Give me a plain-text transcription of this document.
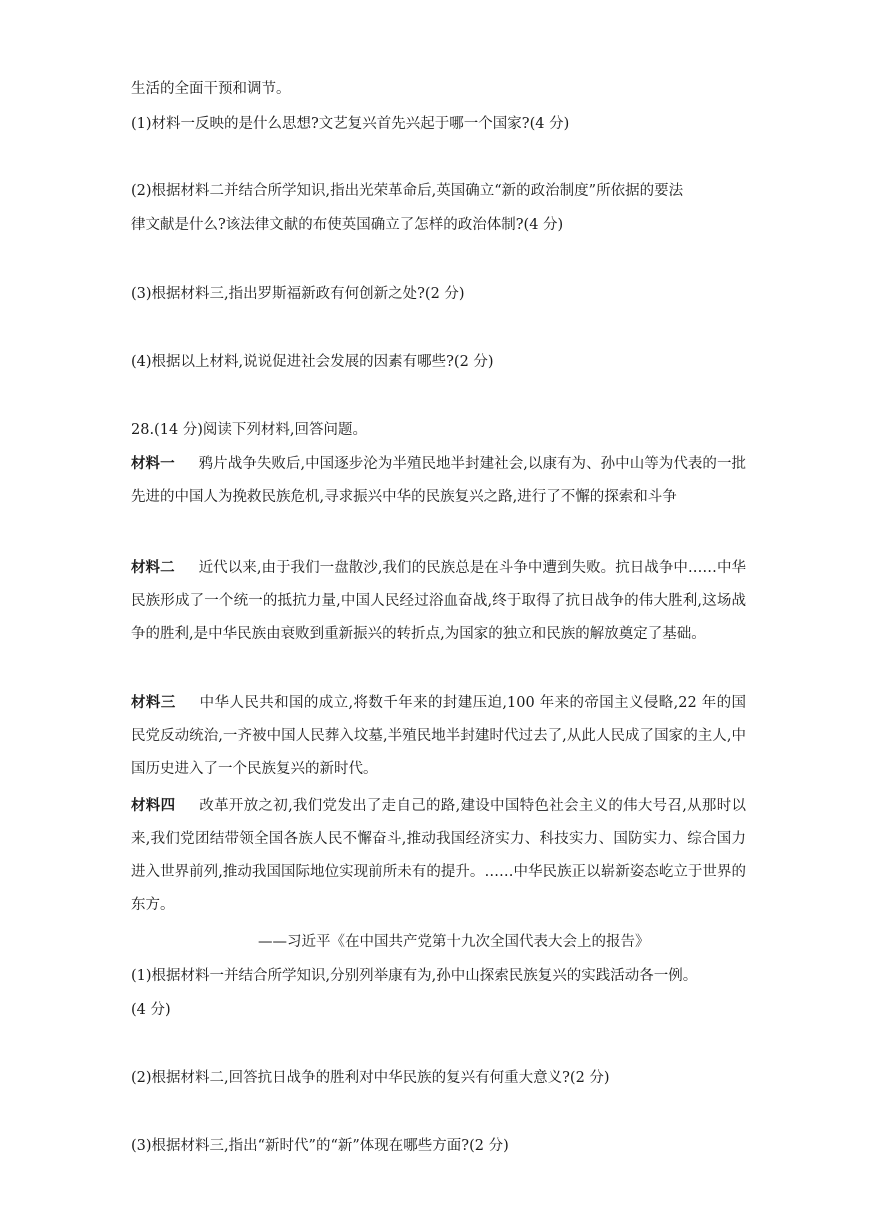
生活的全面干预和调节。
(1)材料一反映的是什么思想?文艺复兴首先兴起于哪一个国家?(4 分)
(2)根据材料二并结合所学知识,指出光荣革命后,英国确立“新的政治制度”所依据的要法
律文献是什么?该法律文献的布使英国确立了怎样的政治体制?(4 分)
(3)根据材料三,指出罗斯福新政有何创新之处?(2 分)
(4)根据以上材料,说说促进社会发展的因素有哪些?(2 分)
28.(14 分)阅读下列材料,回答问题。
材料一 鸦片战争失败后,中国逐步沦为半殖民地半封建社会,以康有为、孙中山等为代表的一批先进的中国人为挽救民族危机,寻求振兴中华的民族复兴之路,进行了不懈的探索和斗争
材料二 近代以来,由于我们一盘散沙,我们的民族总是在斗争中遭到失败。抗日战争中……中华民族形成了一个统一的抵抗力量,中国人民经过浴血奋战,终于取得了抗日战争的伟大胜利,这场战争的胜利,是中华民族由衰败到重新振兴的转折点,为国家的独立和民族的解放奠定了基础。
材料三 中华人民共和国的成立,将数千年来的封建压迫,100 年来的帝国主义侵略,22 年的国民党反动统治,一齐被中国人民葬入坟墓,半殖民地半封建时代过去了,从此人民成了国家的主人,中国历史进入了一个民族复兴的新时代。
材料四 改革开放之初,我们党发出了走自己的路,建设中国特色社会主义的伟大号召,从那时以来,我们党团结带领全国各族人民不懈奋斗,推动我国经济实力、科技实力、国防实力、综合国力进入世界前列,推动我国国际地位实现前所未有的提升。……中华民族正以崭新姿态屹立于世界的东方。
——习近平《在中国共产党第十九次全国代表大会上的报告》
(1)根据材料一并结合所学知识,分别列举康有为,孙中山探索民族复兴的实践活动各一例。
(4 分)
(2)根据材料二,回答抗日战争的胜利对中华民族的复兴有何重大意义?(2 分)
(3)根据材料三,指出“新时代”的“新”体现在哪些方面?(2 分)
